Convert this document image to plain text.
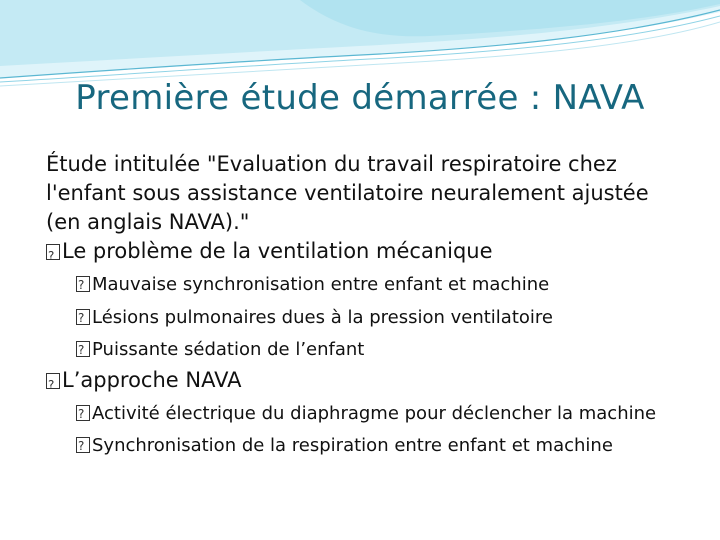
Première étude démarrée : NAVA

Étude intitulée "Evaluation du travail respiratoire chez l'enfant sous assistance ventilatoire neuralement ajustée (en anglais NAVA)."

?Le problème de la ventilation mécanique

?Mauvaise synchronisation entre enfant et machine

?Lésions pulmonaires dues à la pression ventilatoire

?Puissante sédation de l’enfant

?L’approche NAVA

?Activité électrique du diaphragme pour déclencher la machine

?Synchronisation de la respiration entre enfant et machine
